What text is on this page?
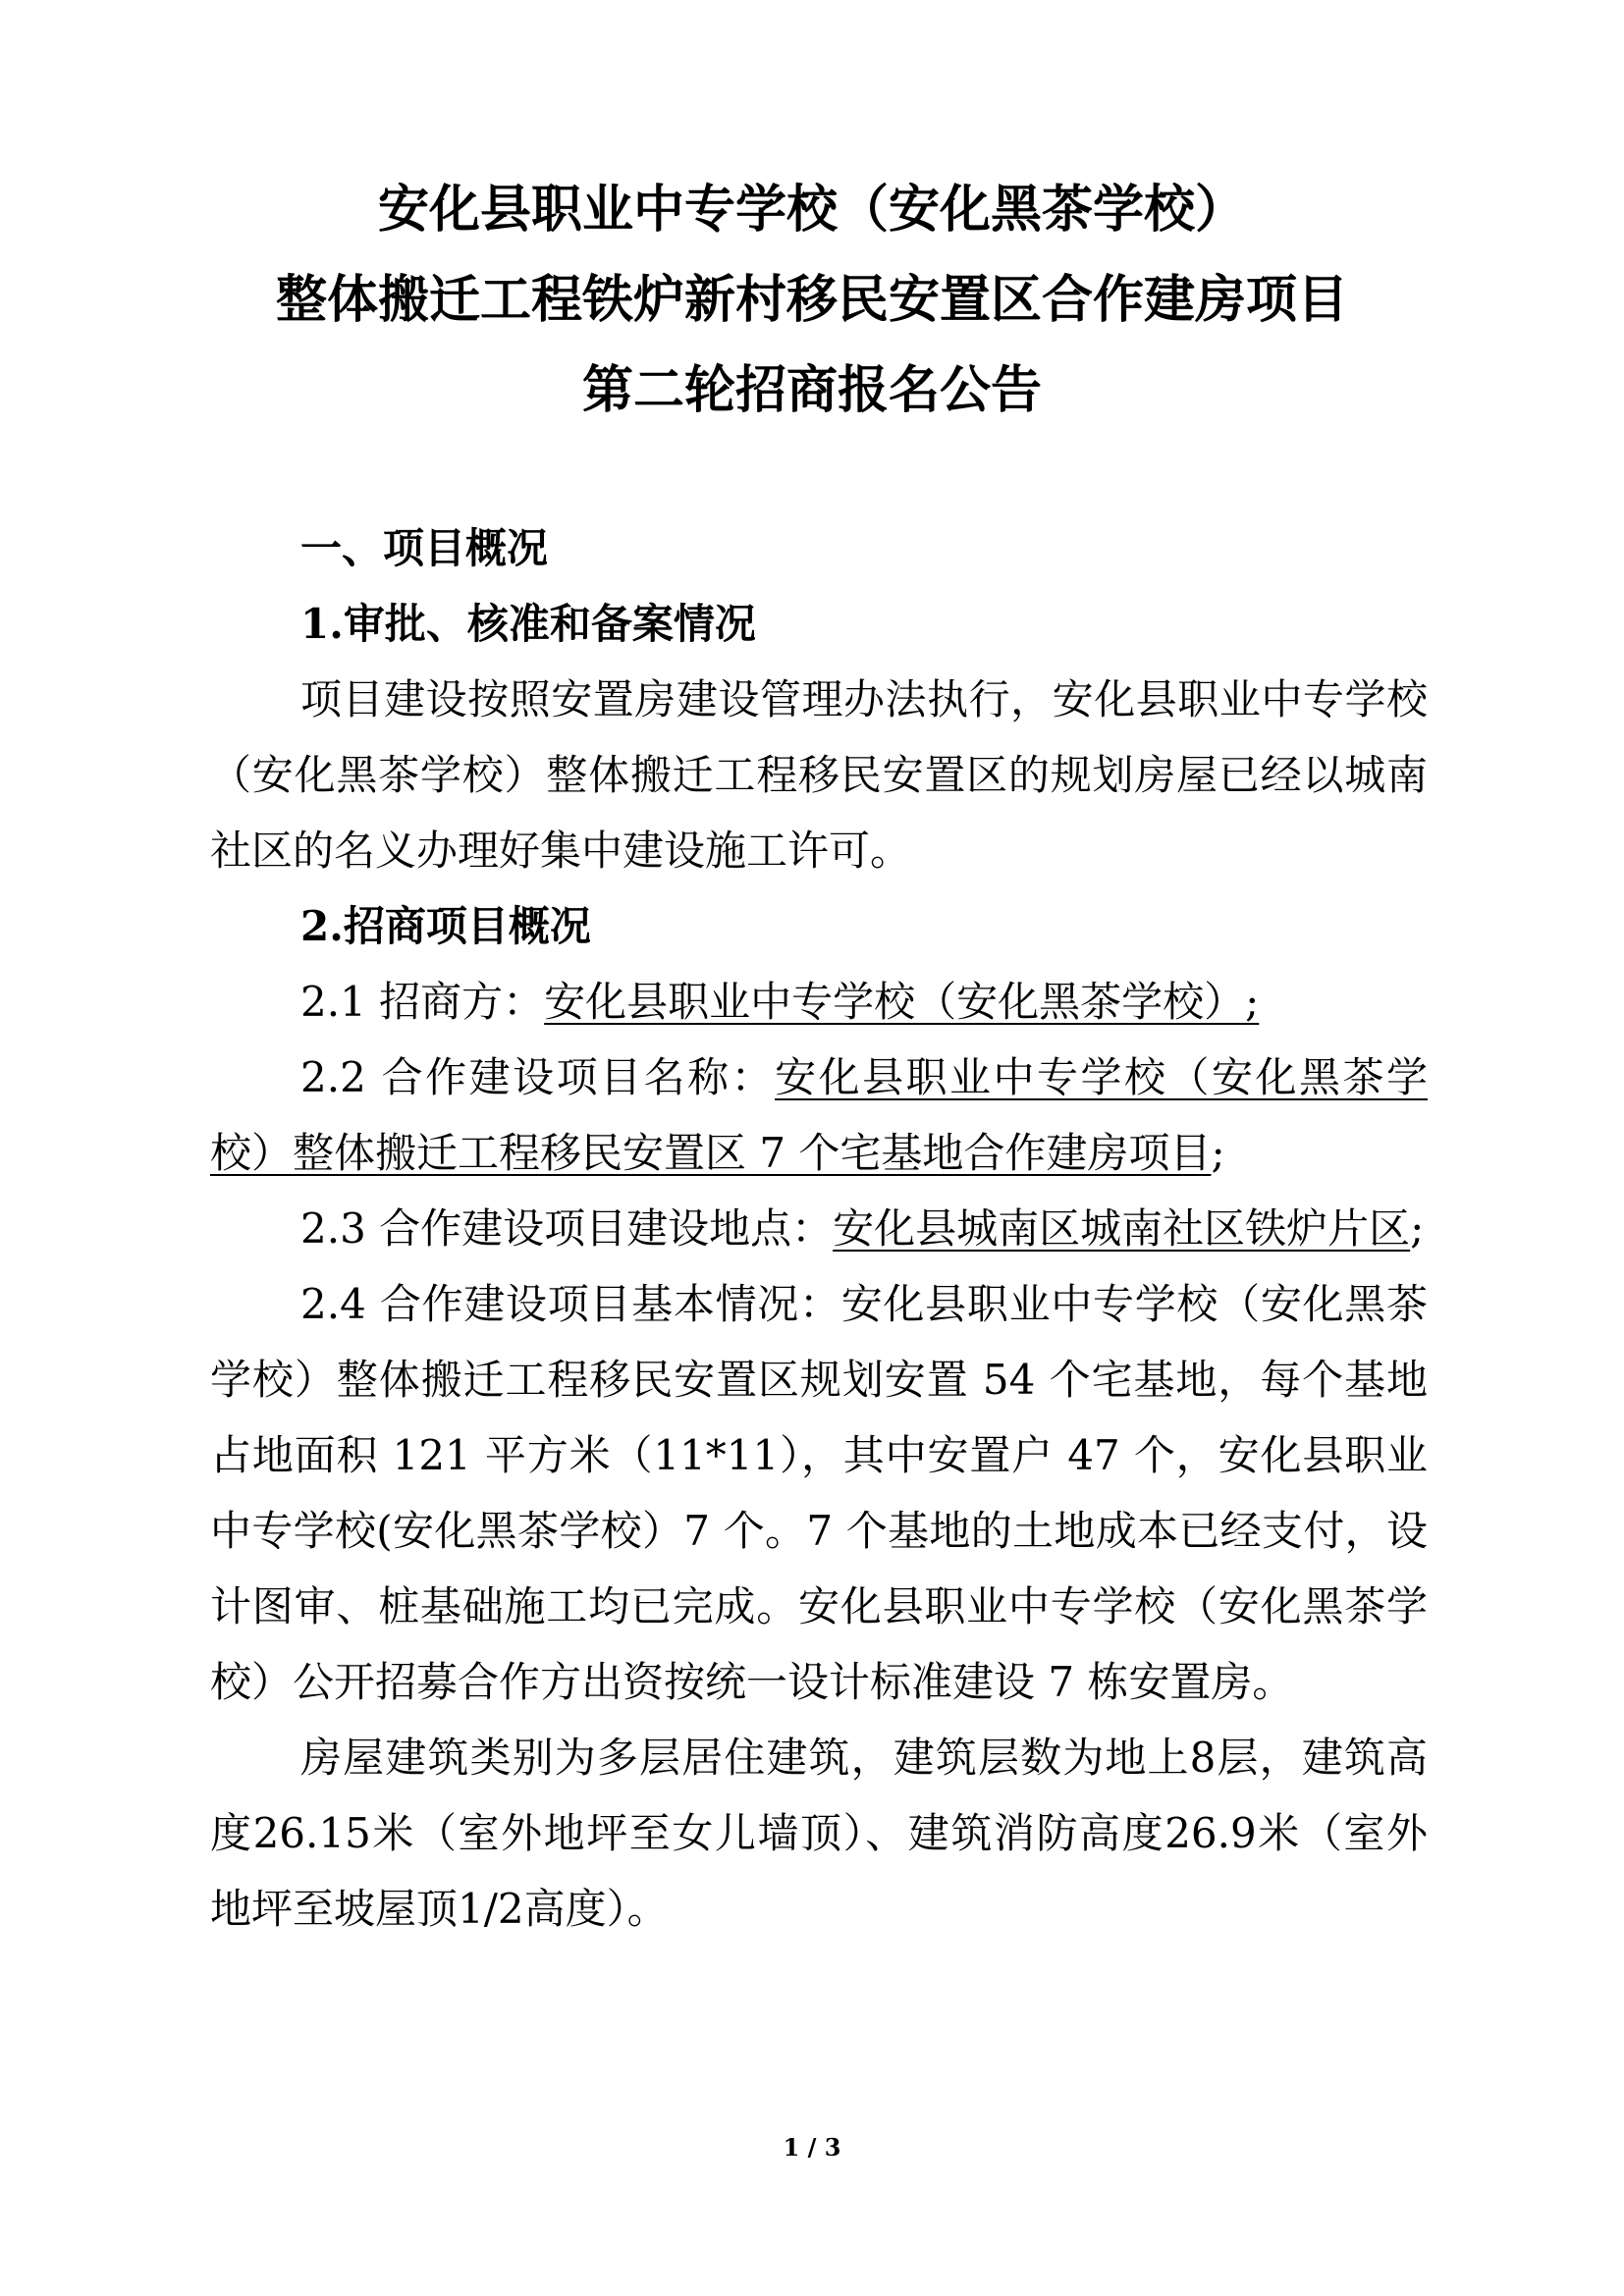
安化县职业中专学校（安化黑茶学校）
整体搬迁工程铁炉新村移民安置区合作建房项目
第二轮招商报名公告
一、项目概况
1.审批、核准和备案情况
项目建设按照安置房建设管理办法执行，安化县职业中专学校（安化黑茶学校）整体搬迁工程移民安置区的规划房屋已经以城南社区的名义办理好集中建设施工许可。
2.招商项目概况
2.1 招商方：安化县职业中专学校（安化黑茶学校）;
2.2 合作建设项目名称：安化县职业中专学校（安化黑茶学校）整体搬迁工程移民安置区 7 个宅基地合作建房项目;
2.3 合作建设项目建设地点：安化县城南区城南社区铁炉片区;
2.4 合作建设项目基本情况：安化县职业中专学校（安化黑茶学校）整体搬迁工程移民安置区规划安置 54 个宅基地，每个基地占地面积 121 平方米（11*11），其中安置户 47 个，安化县职业中专学校(安化黑茶学校）7 个。7 个基地的土地成本已经支付，设计图审、桩基础施工均已完成。安化县职业中专学校（安化黑茶学校）公开招募合作方出资按统一设计标准建设 7 栋安置房。
房屋建筑类别为多层居住建筑，建筑层数为地上8层，建筑高度26.15米（室外地坪至女儿墙顶）、建筑消防高度26.9米（室外地坪至坡屋顶1/2高度）。
1 / 3
